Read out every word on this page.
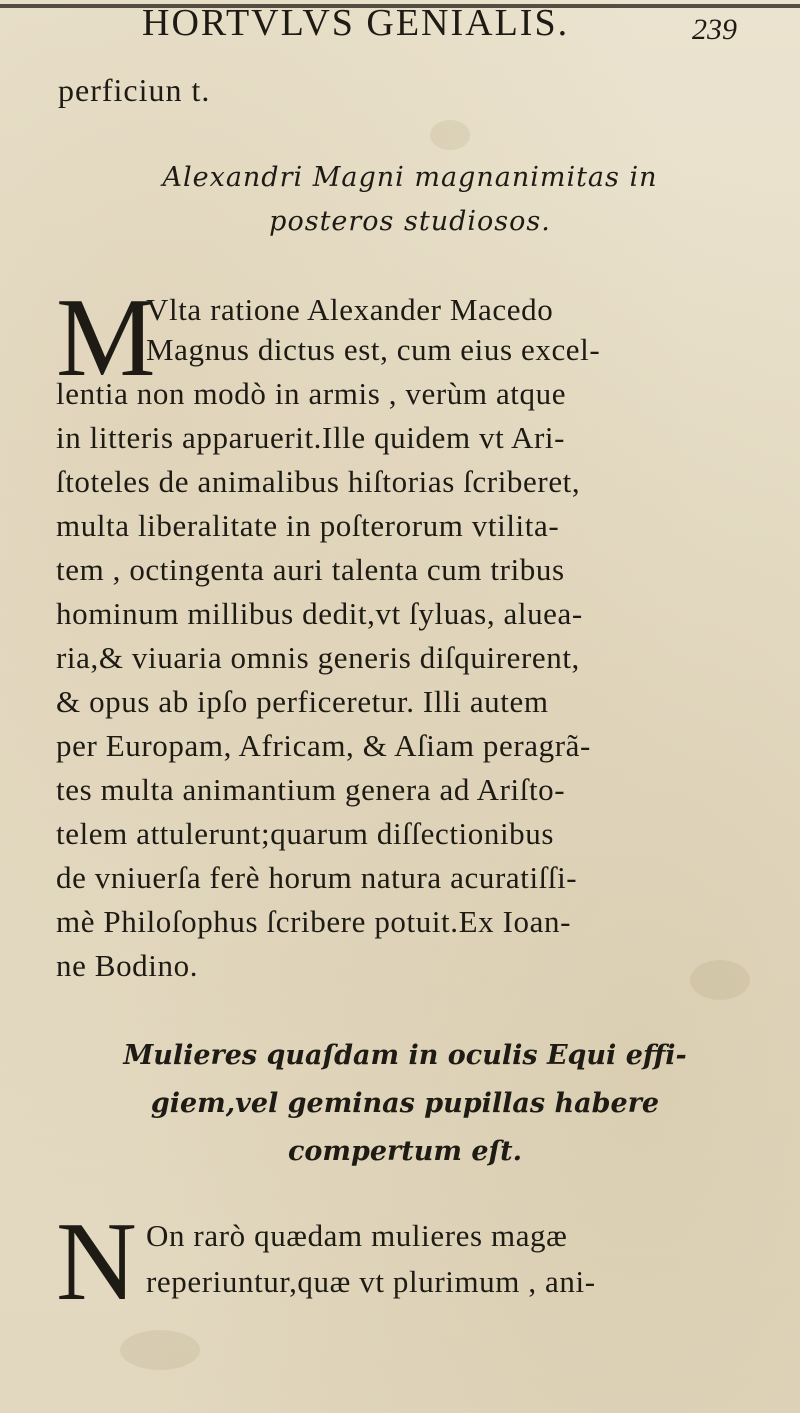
HORTVLVS GENIALIS.	239
perficiun t.
Alexandri Magni magnanimitas in
posteros studiosos.
M
Vlta ratione Alexander Macedo
Magnus dictus est, cum eius excel-
lentia non modò in armis , verùm atque
in litteris apparuerit.Ille quidem vt Ari-
ſtoteles de animalibus hiſtorias ſcriberet,
multa liberalitate in poſterorum vtilita-
tem , octingenta auri talenta cum tribus
hominum millibus dedit,vt ſyluas, aluea-
ria,& viuaria omnis generis diſquirerent,
& opus ab ipſo perficeretur. Illi autem
per Europam, Africam, & Aſiam peragrã-
tes multa animantium genera ad Ariſto-
telem attulerunt;quarum diſſectionibus
de vniuerſa ferè horum natura acuratiſſi-
mè Philoſophus ſcribere potuit.Ex Ioan-
ne Bodino.
Mulieres quaſdam in oculis Equi effi-
giem,vel geminas pupillas habere
compertum eſt.
N On rarò quædam mulieres magæ
reperiuntur,quæ vt plurimum , ani-
